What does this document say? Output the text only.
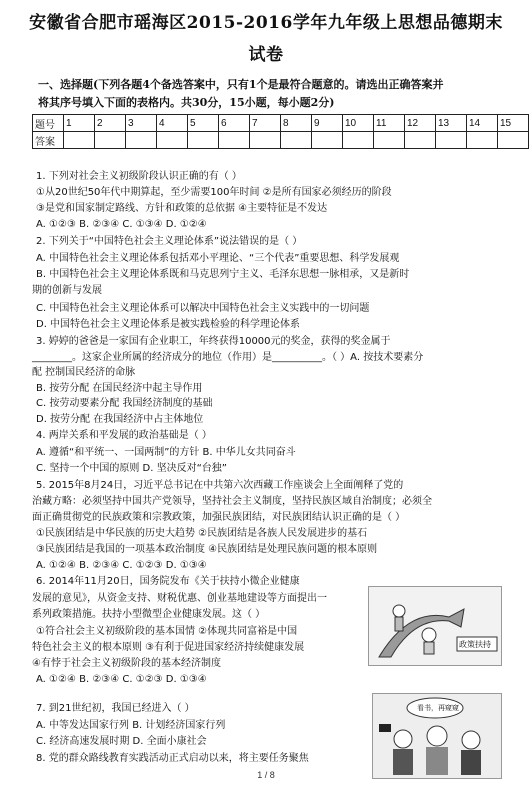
安徽省合肥市瑶海区2015-2016学年九年级上思想品德期末
试卷
一、选择题(下列各题4个备选答案中，只有1个是最符合题意的。请选出正确答案并
将其序号填入下面的表格内。共30分，15小题，每小题2分)
题号	1	2	3	4	5	6	7	8	9	10	11	12	13	14	15
答案															
1. 下列对社会主义初级阶段认识正确的有（ ）
①从20世纪50年代中期算起，至少需要100年时间 ②是所有国家必须经历的阶段
③是党和国家制定路线、方针和政策的总依据 ④主要特征是不发达
A. ①②③ B. ②③④ C. ①③④ D. ①②④
2. 下列关于“中国特色社会主义理论体系”说法错误的是（ ）
A. 中国特色社会主义理论体系包括邓小平理论、“三个代表”重要思想、科学发展观
B. 中国特色社会主义理论体系既和马克思列宁主义、毛泽东思想一脉相承，又是新时
期的创新与发展
C. 中国特色社会主义理论体系可以解决中国特色社会主义实践中的一切问题
D. 中国特色社会主义理论体系是被实践检验的科学理论体系
3. 婷婷的爸爸是一家国有企业职工，年终获得10000元的奖金，获得的奖金属于
________。这家企业所属的经济成分的地位（作用）是__________。（ ）A. 按技术要素分
配 控制国民经济的命脉
B. 按劳分配 在国民经济中起主导作用
C. 按劳动要素分配 我国经济制度的基础
D. 按劳分配 在我国经济中占主体地位
4. 两岸关系和平发展的政治基础是（ ）
A. 遵循“和平统一、一国两制”的方针 B. 中华儿女共同奋斗
C. 坚持一个中国的原则 D. 坚决反对“台独”
5. 2015年8月24日，习近平总书记在中共第六次西藏工作座谈会上全面阐释了党的
治藏方略：必须坚持中国共产党领导，坚持社会主义制度，坚持民族区域自治制度；必须全
面正确贯彻党的民族政策和宗教政策，加强民族团结，对民族团结认识正确的是（ ）
①民族团结是中华民族的历史大趋势 ②民族团结是各族人民发展进步的基石
③民族团结是我国的一项基本政治制度 ④民族团结是处理民族问题的根本原则
A. ①②④ B. ②③④ C. ①②③ D. ①③④
6. 2014年11月20日，国务院发布《关于扶持小微企业健康
发展的意见》，从资金支持、财税优惠、创业基地建设等方面提出一
系列政策措施。扶持小型微型企业健康发展。这（ ）
①符合社会主义初级阶段的基本国情 ②体现共同富裕是中国
特色社会主义的根本原则 ③有利于促进国家经济持续健康发展
④有悖于社会主义初级阶段的基本经济制度
A. ①②④ B. ②③④ C. ①②③ D. ①③④
7. 到21世纪初，我国已经进入（ ）
A. 中等发达国家行列 B. 计划经济国家行列
C. 经济高速发展时期 D. 全面小康社会
8. 党的群众路线教育实践活动正式启动以来，将主要任务聚焦
政策扶持
看书，再窥窥
1 / 8
